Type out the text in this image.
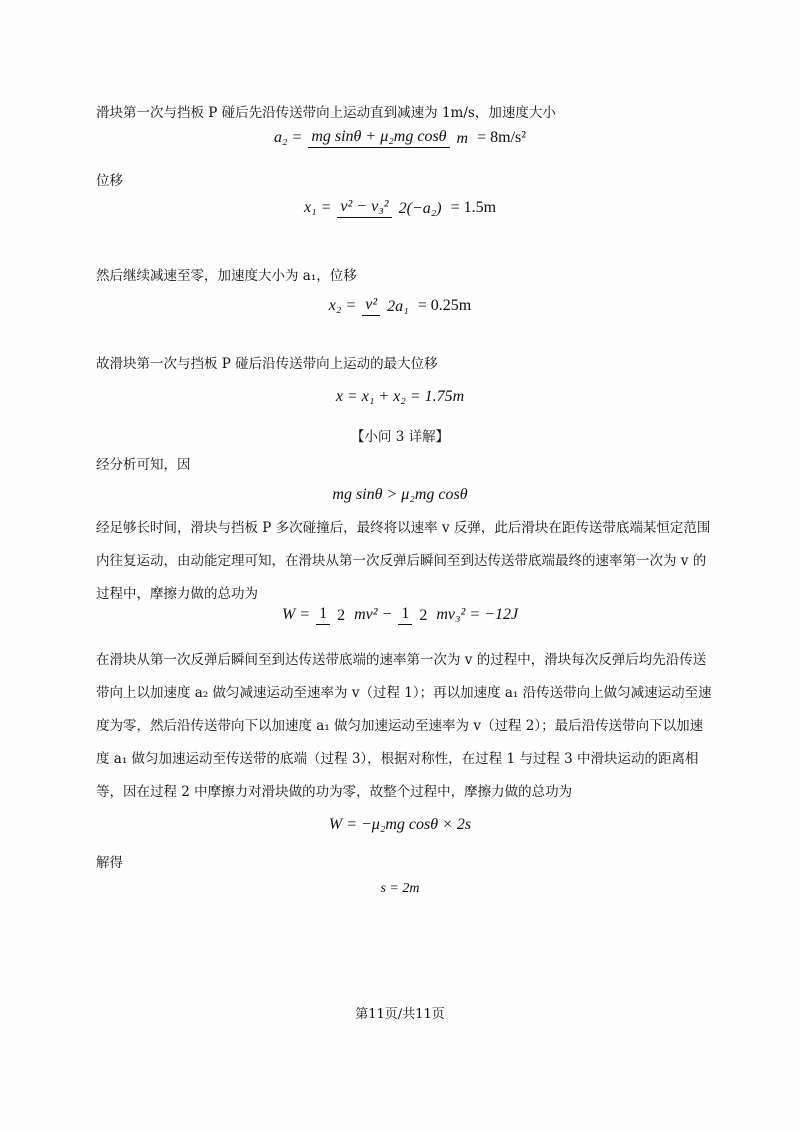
滑块第一次与挡板 P 碰后先沿传送带向上运动直到减速为 1m/s，加速度大小
a₂ = mg sinθ + μ₂mg cosθ m = 8m/s²
位移
x₁ = v² − v₃² 2(−a₂) = 1.5m
然后继续减速至零，加速度大小为 a₁，位移
x₂ = v² 2a₁ = 0.25m
故滑块第一次与挡板 P 碰后沿传送带向上运动的最大位移
x = x₁ + x₂ = 1.75m
【小问 3 详解】
经分析可知，因
mg sinθ > μ₂mg cosθ
经足够长时间，滑块与挡板 P 多次碰撞后，最终将以速率 v 反弹，此后滑块在距传送带底端某恒定范围内往复运动，由动能定理可知，在滑块从第一次反弹后瞬间至到达传送带底端最终的速率第一次为 v 的过程中，摩擦力做的总功为
W = 1 2 mv² − 1 2 mv₃² = −12J
在滑块从第一次反弹后瞬间至到达传送带底端的速率第一次为 v 的过程中，滑块每次反弹后均先沿传送带向上以加速度 a₂ 做匀减速运动至速率为 v（过程 1）；再以加速度 a₁ 沿传送带向上做匀减速运动至速度为零，然后沿传送带向下以加速度 a₁ 做匀加速运动至速率为 v（过程 2）；最后沿传送带向下以加速度 a₁ 做匀加速运动至传送带的底端（过程 3），根据对称性，在过程 1 与过程 3 中滑块运动的距离相等，因在过程 2 中摩擦力对滑块做的功为零，故整个过程中，摩擦力做的总功为
W = −μ₂mg cosθ × 2s
解得
s = 2m
第11页/共11页
